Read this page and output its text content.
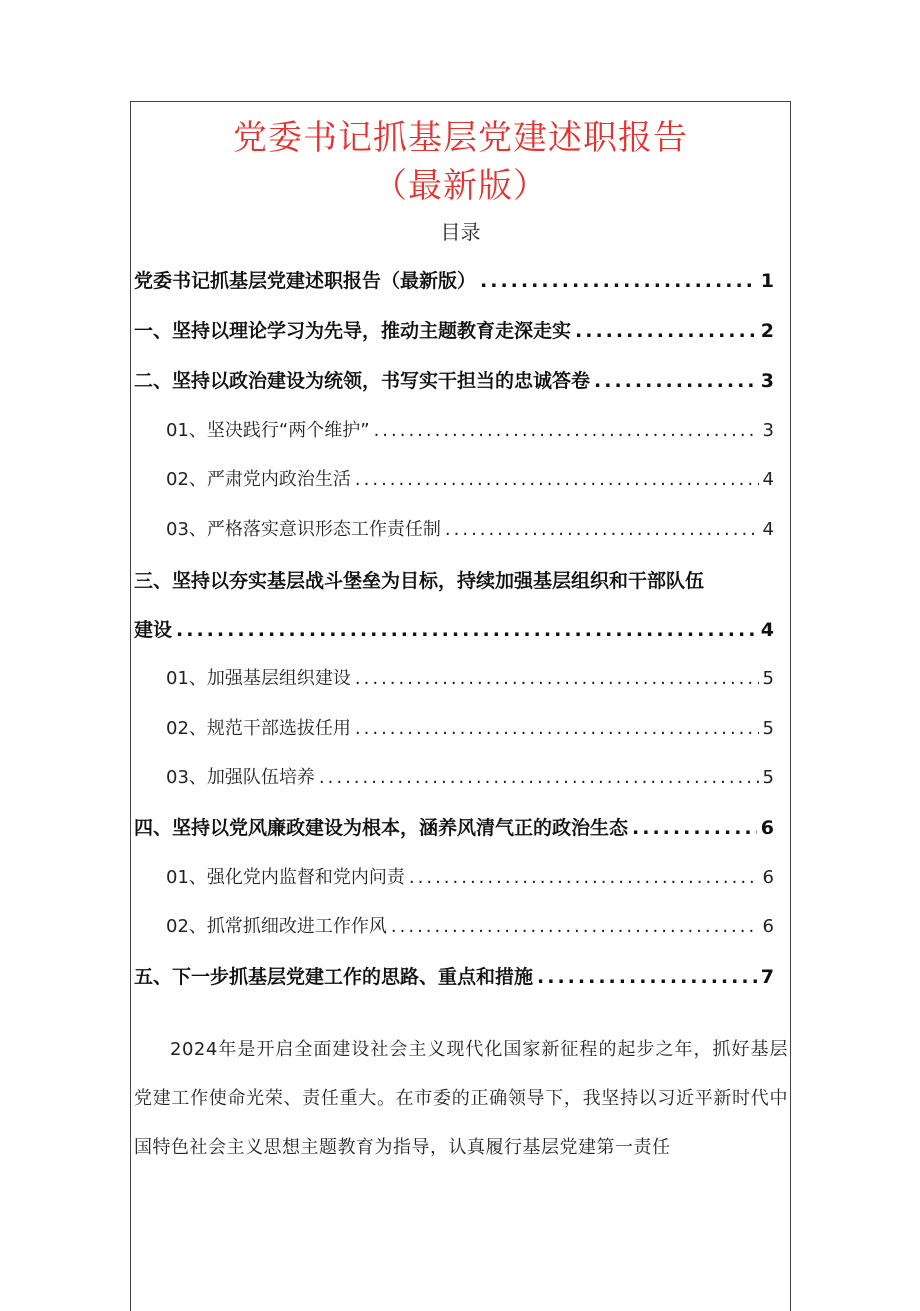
党委书记抓基层党建述职报告
（最新版）
目录
党委书记抓基层党建述职报告（最新版） .....	1
一、坚持以理论学习为先导，推动主题教育走深走实 .....	2
二、坚持以政治建设为统领，书写实干担当的忠诚答卷 .....	3
01、坚决践行“两个维护” .....	3
02、严肃党内政治生活 .....	4
03、严格落实意识形态工作责任制 .....	4
三、坚持以夯实基层战斗堡垒为目标，持续加强基层组织和干部队伍
建设 .....	4
01、加强基层组织建设 .....	5
02、规范干部选拔任用 .....	5
03、加强队伍培养 .....	5
四、坚持以党风廉政建设为根本，涵养风清气正的政治生态 .....	6
01、强化党内监督和党内问责 .....	6
02、抓常抓细改进工作作风 .....	6
五、下一步抓基层党建工作的思路、重点和措施 .....	7

2024年是开启全面建设社会主义现代化国家新征程的起步之年，抓好基层党建工作使命光荣、责任重大。在市委的正确领导下，我坚持以习近平新时代中国特色社会主义思想主题教育为指导，认真履行基层党建第一责任
